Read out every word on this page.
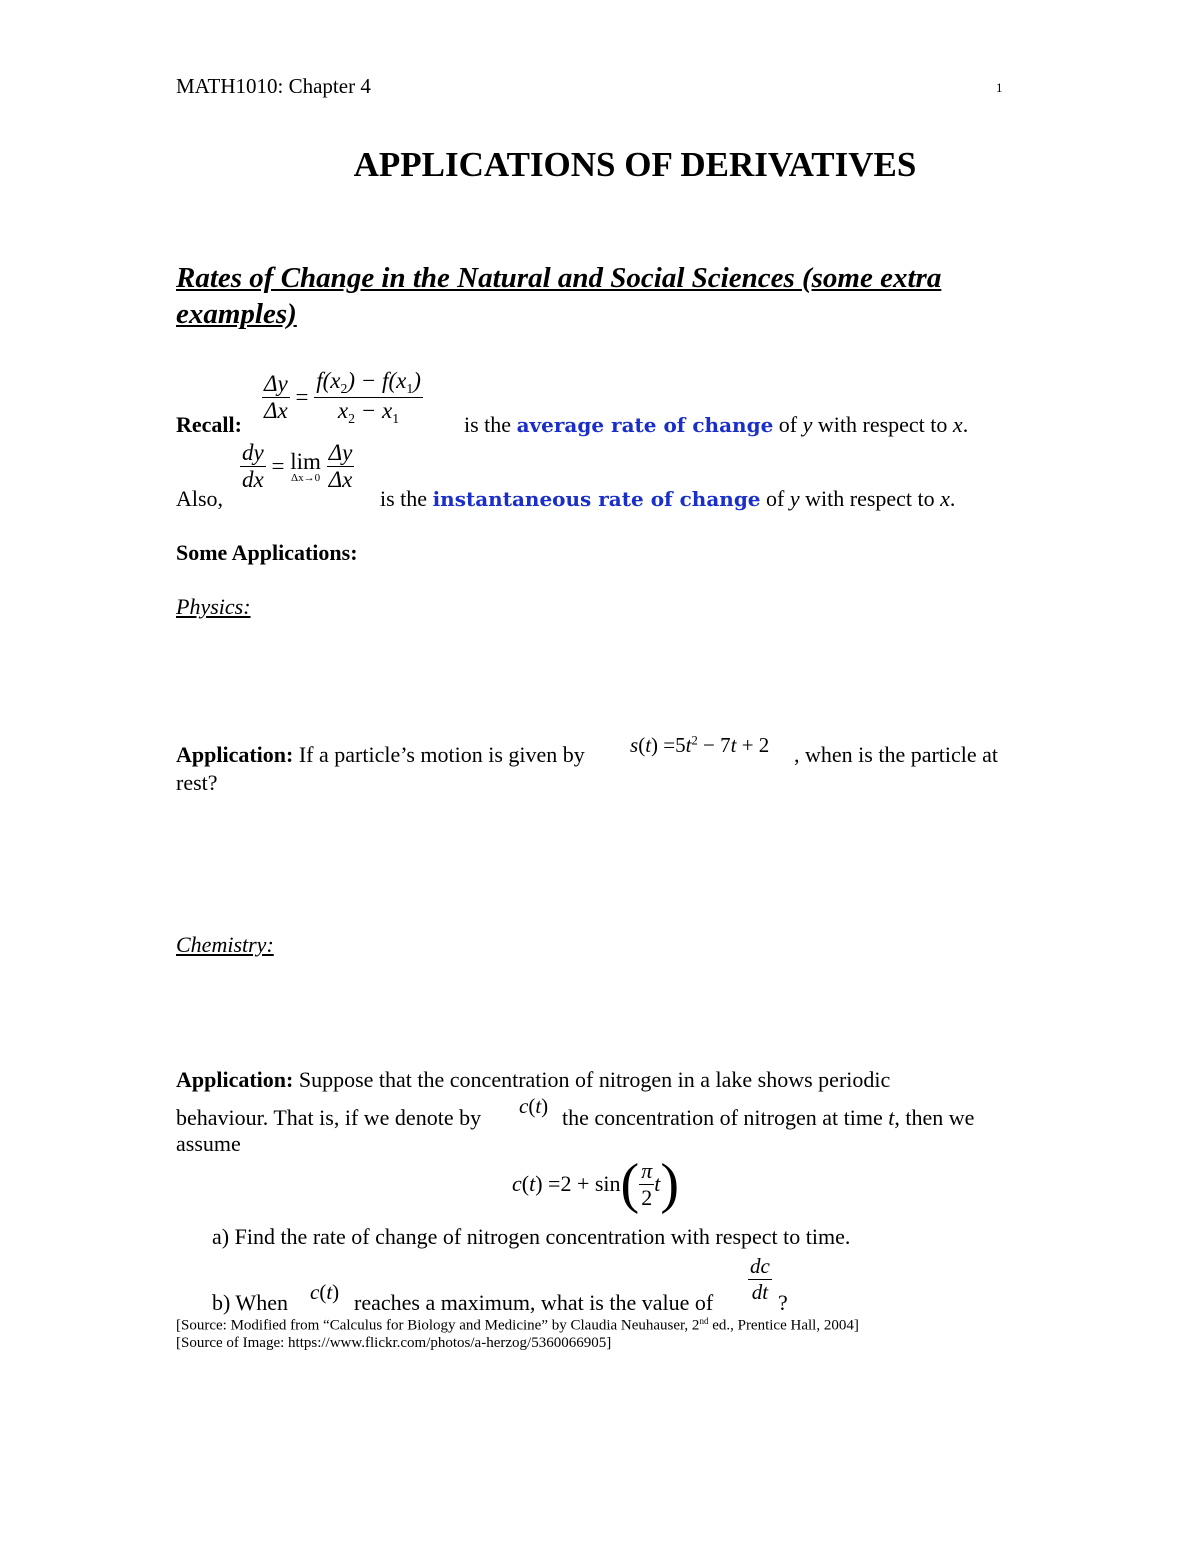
MATH1010: Chapter 4	1
APPLICATIONS OF DERIVATIVES
Rates of Change in the Natural and Social Sciences (some extra
examples)
$\frac{\Delta y}{\Delta x} = \frac{f(x_2) - f(x_1)}{x_2 - x_1}$
Recall:	is the average rate of change of y with respect to x.
$\frac{dy}{dx} = \lim$
Δx→0
$\frac{\Delta y}{\Delta x}$
Also,	is the instantaneous rate of change of y with respect to x.
Some Applications:
Physics:
Application: If a particle’s motion is given by $s(t) =5t^2 - 7t + 2$ , when is the particle at
rest?
Chemistry:
Application: Suppose that the concentration of nitrogen in a lake shows periodic
behaviour. That is, if we denote by c(t) the concentration of nitrogen at time t, then we
assume
$c(t) =2 + \sin( \frac{\pi}{2} t)$
a) Find the rate of change of nitrogen concentration with respect to time.
b) When c(t) reaches a maximum, what is the value of $\frac{dc}{dt}$ ?
[Source: Modified from “Calculus for Biology and Medicine” by Claudia Neuhauser, 2nd ed., Prentice Hall, 2004]
[Source of Image: https://www.flickr.com/photos/a-herzog/5360066905]
